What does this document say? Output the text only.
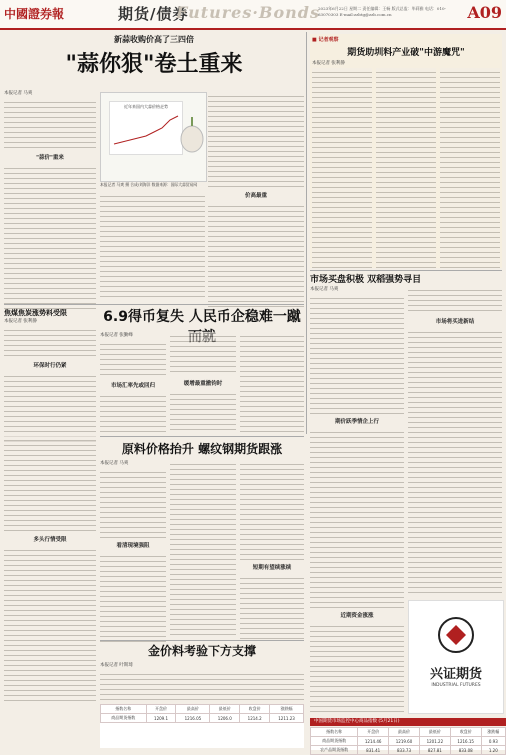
中國證券報	期货/债券
Futures·Bonds
2023年6月22日 星期二 责任编辑：王畅 版式总监：毕莉雅 电话：010-63070303 E-mail:zzbtg@zzb.com.cn	A09
新蒜收购价高了三四倍
"蒜你狠"卷土重来
本报记者 马爽
"蒜价"重来
近年来国内大蒜价格走势
本报记者 马爽 摄 合成/刘海洋 数据来源：国际大蒜贸易网
价高最重
焦煤焦炭涨势料受限
本报记者 张利静
环保时行仍紧
多头行情受限
6.9得币复失 人民币企稳难一蹴
本报记者 张勤峰
市场汇率先或回归	缓增最重撤钧时
原料价格抬升 螺纹钢期货跟涨
本报记者 马爽
看清现境强阻
短期有望续涨续
金价料考验下方支撑
本报记者 叶斯琦
■ 记者观察
期货助圳料产业破"中游魔咒"
本报记者 张利静
市场买盘积极 双稻强势寻目
本报记者 马爽
期价跃季情企上行
近期资金涨涨
市场将买进新结
兴证期货
INDUSTRIAL FUTURES
中国期货市场监控中心商品指数 (5月21日)
指数名称	开盘价	最高价	最低价	收盘价	涨跌幅
商品期货指数	1214.46	1219.60	1201.22	1216.15	0.93
农产品期货指数	831.41	833.73	827.81	833.08	1.20
指数名称	开盘价	最高价	最低价	收盘价	涨跌幅
商品期货指数	1209.1	1216.05	1206.0	1214.2	1211.23
